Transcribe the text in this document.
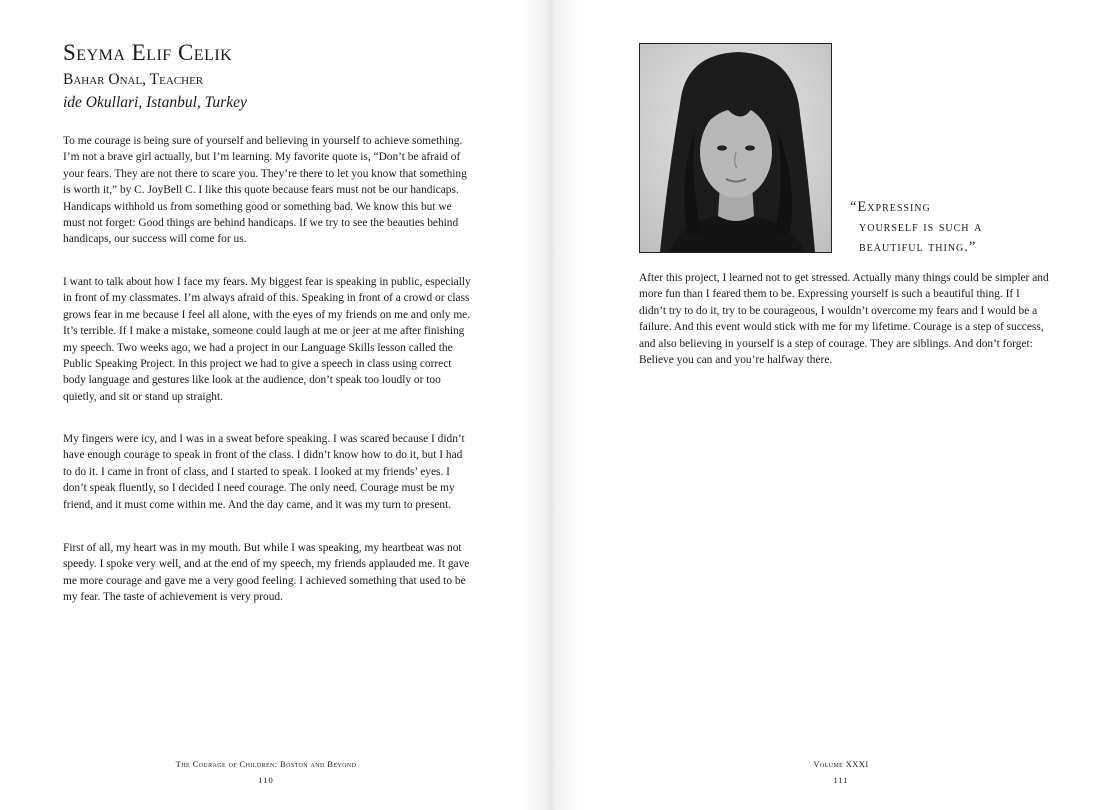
Seyma Elif Celik
Bahar Onal, Teacher
ide Okullari, Istanbul, Turkey

To me courage is being sure of yourself and believing in yourself to achieve something. I’m not a brave girl actually, but I’m learning. My favorite quote is, “Don’t be afraid of your fears. They are not there to scare you. They’re there to let you know that something is worth it,” by C. JoyBell C. I like this quote because fears must not be our handicaps. Handicaps withhold us from something good or something bad. We know this but we must not forget: Good things are behind handicaps. If we try to see the beauties behind handicaps, our success will come for us.

I want to talk about how I face my fears. My biggest fear is speaking in public, especially in front of my classmates. I’m always afraid of this. Speaking in front of a crowd or class grows fear in me because I feel all alone, with the eyes of my friends on me and only me. It’s terrible. If I make a mistake, someone could laugh at me or jeer at me after finishing my speech. Two weeks ago, we had a project in our Language Skills lesson called the Public Speaking Project. In this project we had to give a speech in class using correct body language and gestures like look at the audience, don’t speak too loudly or too quietly, and sit or stand up straight.

My fingers were icy, and I was in a sweat before speaking. I was scared because I didn’t have enough courage to speak in front of the class. I didn’t know how to do it, but I had to do it. I came in front of class, and I started to speak. I looked at my friends’ eyes. I don’t speak fluently, so I decided I need courage. The only need. Courage must be my friend, and it must come within me. And the day came, and it was my turn to present.

First of all, my heart was in my mouth. But while I was speaking, my heartbeat was not speedy. I spoke very well, and at the end of my speech, my friends applauded me. It gave me more courage and gave me a very good feeling. I achieved something that used to be my fear. The taste of achievement is very proud.

The Courage of Children: Boston and Beyond
110
“Expressing
yourself is such a
beautiful thing.”

After this project, I learned not to get stressed. Actually many things could be simpler and more fun than I feared them to be. Expressing yourself is such a beautiful thing. If I didn’t try to do it, try to be courageous, I wouldn’t overcome my fears and I would be a failure. And this event would stick with me for my lifetime. Courage is a step of success, and also believing in yourself is a step of courage. They are siblings. And don’t forget: Believe you can and you’re halfway there.

Volume XXXI
111
